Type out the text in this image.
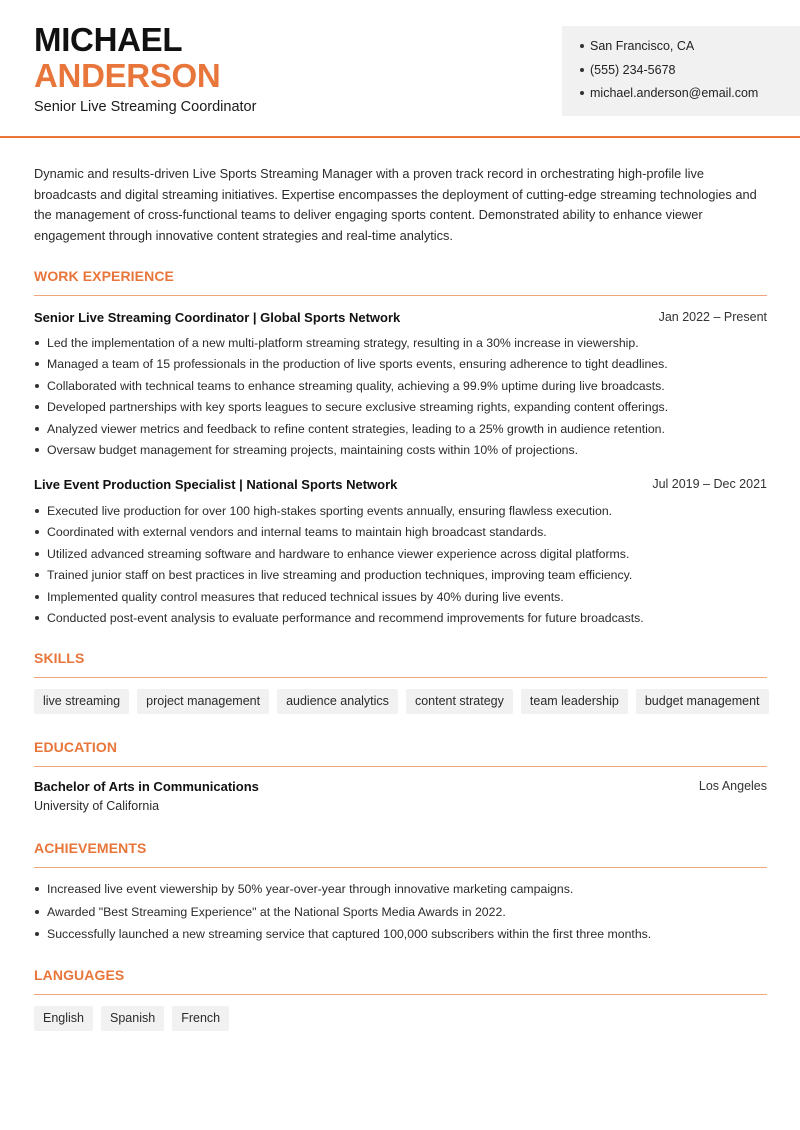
MICHAEL
ANDERSON
Senior Live Streaming Coordinator
San Francisco, CA
(555) 234-5678
michael.anderson@email.com

Dynamic and results-driven Live Sports Streaming Manager with a proven track record in orchestrating high-profile live broadcasts and digital streaming initiatives. Expertise encompasses the deployment of cutting-edge streaming technologies and the management of cross-functional teams to deliver engaging sports content. Demonstrated ability to enhance viewer engagement through innovative content strategies and real-time analytics.

WORK EXPERIENCE
Senior Live Streaming Coordinator | Global Sports Network	Jan 2022 – Present
Led the implementation of a new multi-platform streaming strategy, resulting in a 30% increase in viewership.
Managed a team of 15 professionals in the production of live sports events, ensuring adherence to tight deadlines.
Collaborated with technical teams to enhance streaming quality, achieving a 99.9% uptime during live broadcasts.
Developed partnerships with key sports leagues to secure exclusive streaming rights, expanding content offerings.
Analyzed viewer metrics and feedback to refine content strategies, leading to a 25% growth in audience retention.
Oversaw budget management for streaming projects, maintaining costs within 10% of projections.
Live Event Production Specialist | National Sports Network	Jul 2019 – Dec 2021
Executed live production for over 100 high-stakes sporting events annually, ensuring flawless execution.
Coordinated with external vendors and internal teams to maintain high broadcast standards.
Utilized advanced streaming software and hardware to enhance viewer experience across digital platforms.
Trained junior staff on best practices in live streaming and production techniques, improving team efficiency.
Implemented quality control measures that reduced technical issues by 40% during live events.
Conducted post-event analysis to evaluate performance and recommend improvements for future broadcasts.
SKILLS
live streaming	project management	audience analytics	content strategy	team leadership	budget management
EDUCATION
Bachelor of Arts in Communications	Los Angeles
University of California
ACHIEVEMENTS
Increased live event viewership by 50% year-over-year through innovative marketing campaigns.
Awarded "Best Streaming Experience" at the National Sports Media Awards in 2022.
Successfully launched a new streaming service that captured 100,000 subscribers within the first three months.
LANGUAGES
English	Spanish	French
